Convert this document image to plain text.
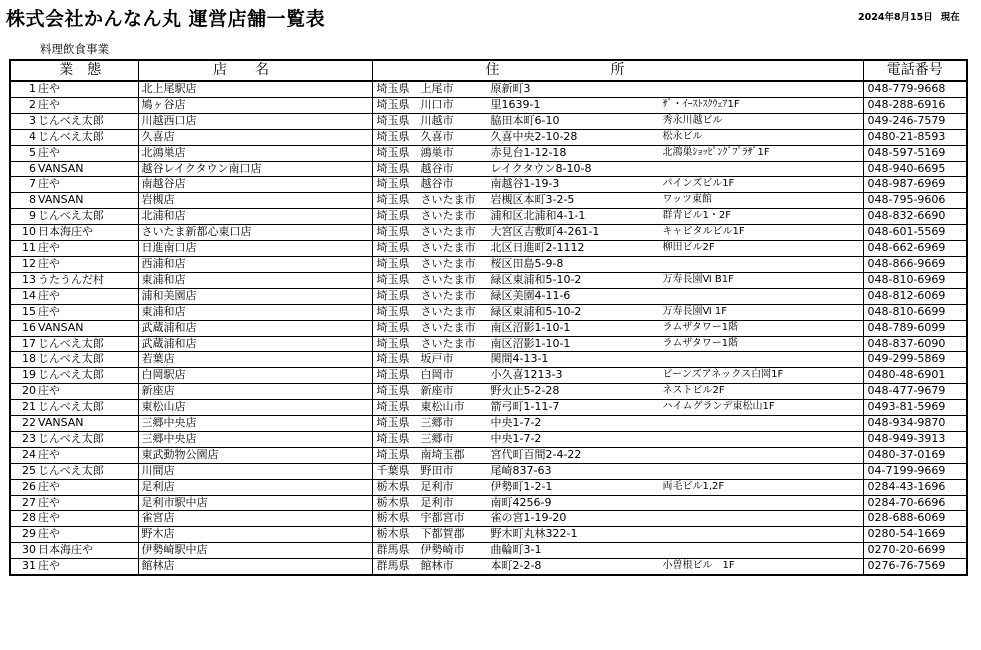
株式会社かんなん丸 運営店舗一覧表	2024年8月15日 現在
料理飲食事業
	業態	店名	住 所	電話番号
1	庄や	北上尾駅店	埼玉県 上尾市 原新町3	048-779-9668
2	庄や	鳩ヶ谷店	埼玉県 川口市 里1639-1 ｻﾞ・ｲｰｽﾄｽｸｳｪｱ1F	048-288-6916
3	じんべえ太郎	川越西口店	埼玉県 川越市 脇田本町6-10 秀永川越ビル	049-246-7579
4	じんべえ太郎	久喜店	埼玉県 久喜市 久喜中央2-10-28 松永ビル	0480-21-8593
5	庄や	北鴻巣店	埼玉県 鴻巣市 赤見台1-12-18 北鴻巣ｼｮｯﾋﾟﾝｸﾞﾌﾟﾗｻﾞ1F	048-597-5169
6	VANSAN	越谷レイクタウン南口店	埼玉県 越谷市 レイクタウン8-10-8	048-940-6695
7	庄や	南越谷店	埼玉県 越谷市 南越谷1-19-3 パインズビル1F	048-987-6969
8	VANSAN	岩槻店	埼玉県 さいたま市 岩槻区本町3-2-5 ワッツ東館	048-795-9606
9	じんべえ太郎	北浦和店	埼玉県 さいたま市 浦和区北浦和4-1-1 群青ビル1・2F	048-832-6690
10	日本海庄や	さいたま新都心東口店	埼玉県 さいたま市 大宮区吉敷町4-261-1 キャピタルビル1F	048-601-5569
11	庄や	日進南口店	埼玉県 さいたま市 北区日進町2-1112 柳田ビル2F	048-662-6969
12	庄や	西浦和店	埼玉県 さいたま市 桜区田島5-9-8	048-866-9669
13	うたうんだ村	東浦和店	埼玉県 さいたま市 緑区東浦和5-10-2 万寿長園Ⅵ B1F	048-810-6969
14	庄や	浦和美園店	埼玉県 さいたま市 緑区美園4-11-6	048-812-6069
15	庄や	東浦和店	埼玉県 さいたま市 緑区東浦和5-10-2 万寿長園Ⅵ 1F	048-810-6699
16	VANSAN	武蔵浦和店	埼玉県 さいたま市 南区沼影1-10-1 ラムザタワー1階	048-789-6099
17	じんべえ太郎	武蔵浦和店	埼玉県 さいたま市 南区沼影1-10-1 ラムザタワー1階	048-837-6090
18	じんべえ太郎	若葉店	埼玉県 坂戸市 関間4-13-1	049-299-5869
19	じんべえ太郎	白岡駅店	埼玉県 白岡市 小久喜1213-3 ビーンズアネックス白岡1F	0480-48-6901
20	庄や	新座店	埼玉県 新座市 野火止5-2-28 ネストビル2F	048-477-9679
21	じんべえ太郎	東松山店	埼玉県 東松山市 箭弓町1-11-7 ハイムグランデ東松山1F	0493-81-5969
22	VANSAN	三郷中央店	埼玉県 三郷市 中央1-7-2	048-934-9870
23	じんべえ太郎	三郷中央店	埼玉県 三郷市 中央1-7-2	048-949-3913
24	庄や	東武動物公園店	埼玉県 南埼玉郡 宮代町百間2-4-22	0480-37-0169
25	じんべえ太郎	川間店	千葉県 野田市 尾崎837-63	04-7199-9669
26	庄や	足利店	栃木県 足利市 伊勢町1-2-1 両毛ビル1,2F	0284-43-1696
27	庄や	足利市駅中店	栃木県 足利市 南町4256-9	0284-70-6696
28	庄や	雀宮店	栃木県 宇都宮市 雀の宮1-19-20	028-688-6069
29	庄や	野木店	栃木県 下都賀郡 野木町丸林322-1	0280-54-1669
30	日本海庄や	伊勢崎駅中店	群馬県 伊勢崎市 曲輪町3-1	0270-20-6699
31	庄や	館林店	群馬県 館林市 本町2-2-8 小曽根ビル　1F	0276-76-7569
